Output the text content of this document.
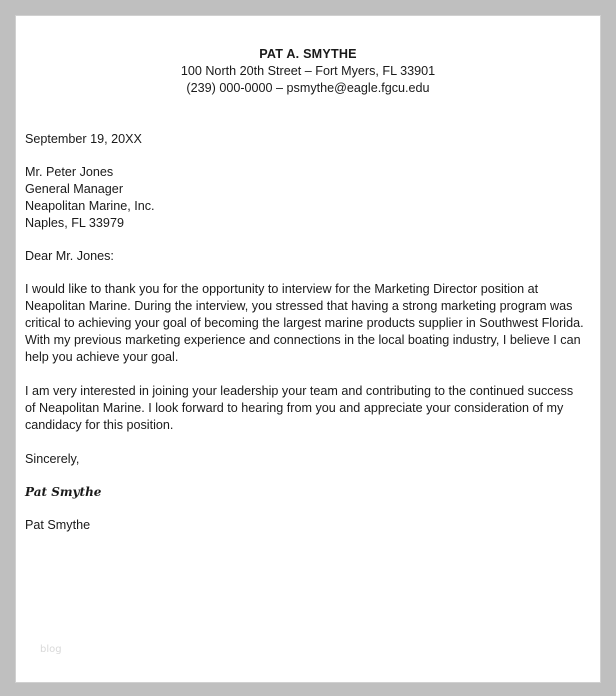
PAT A. SMYTHE
100 North 20th Street – Fort Myers, FL 33901
(239) 000-0000 – psmythe@eagle.fgcu.edu
September 19, 20XX
Mr. Peter Jones
General Manager
Neapolitan Marine, Inc.
Naples, FL 33979
Dear Mr. Jones:
I would like to thank you for the opportunity to interview for the Marketing Director position at
Neapolitan Marine. During the interview, you stressed that having a strong marketing program was
critical to achieving your goal of becoming the largest marine products supplier in Southwest Florida.
With my previous marketing experience and connections in the local boating industry, I believe I can
help you achieve your goal.
I am very interested in joining your leadership your team and contributing to the continued success
of Neapolitan Marine. I look forward to hearing from you and appreciate your consideration of my
candidacy for this position.
Sincerely,
Pat Smythe
Pat Smythe
blog
